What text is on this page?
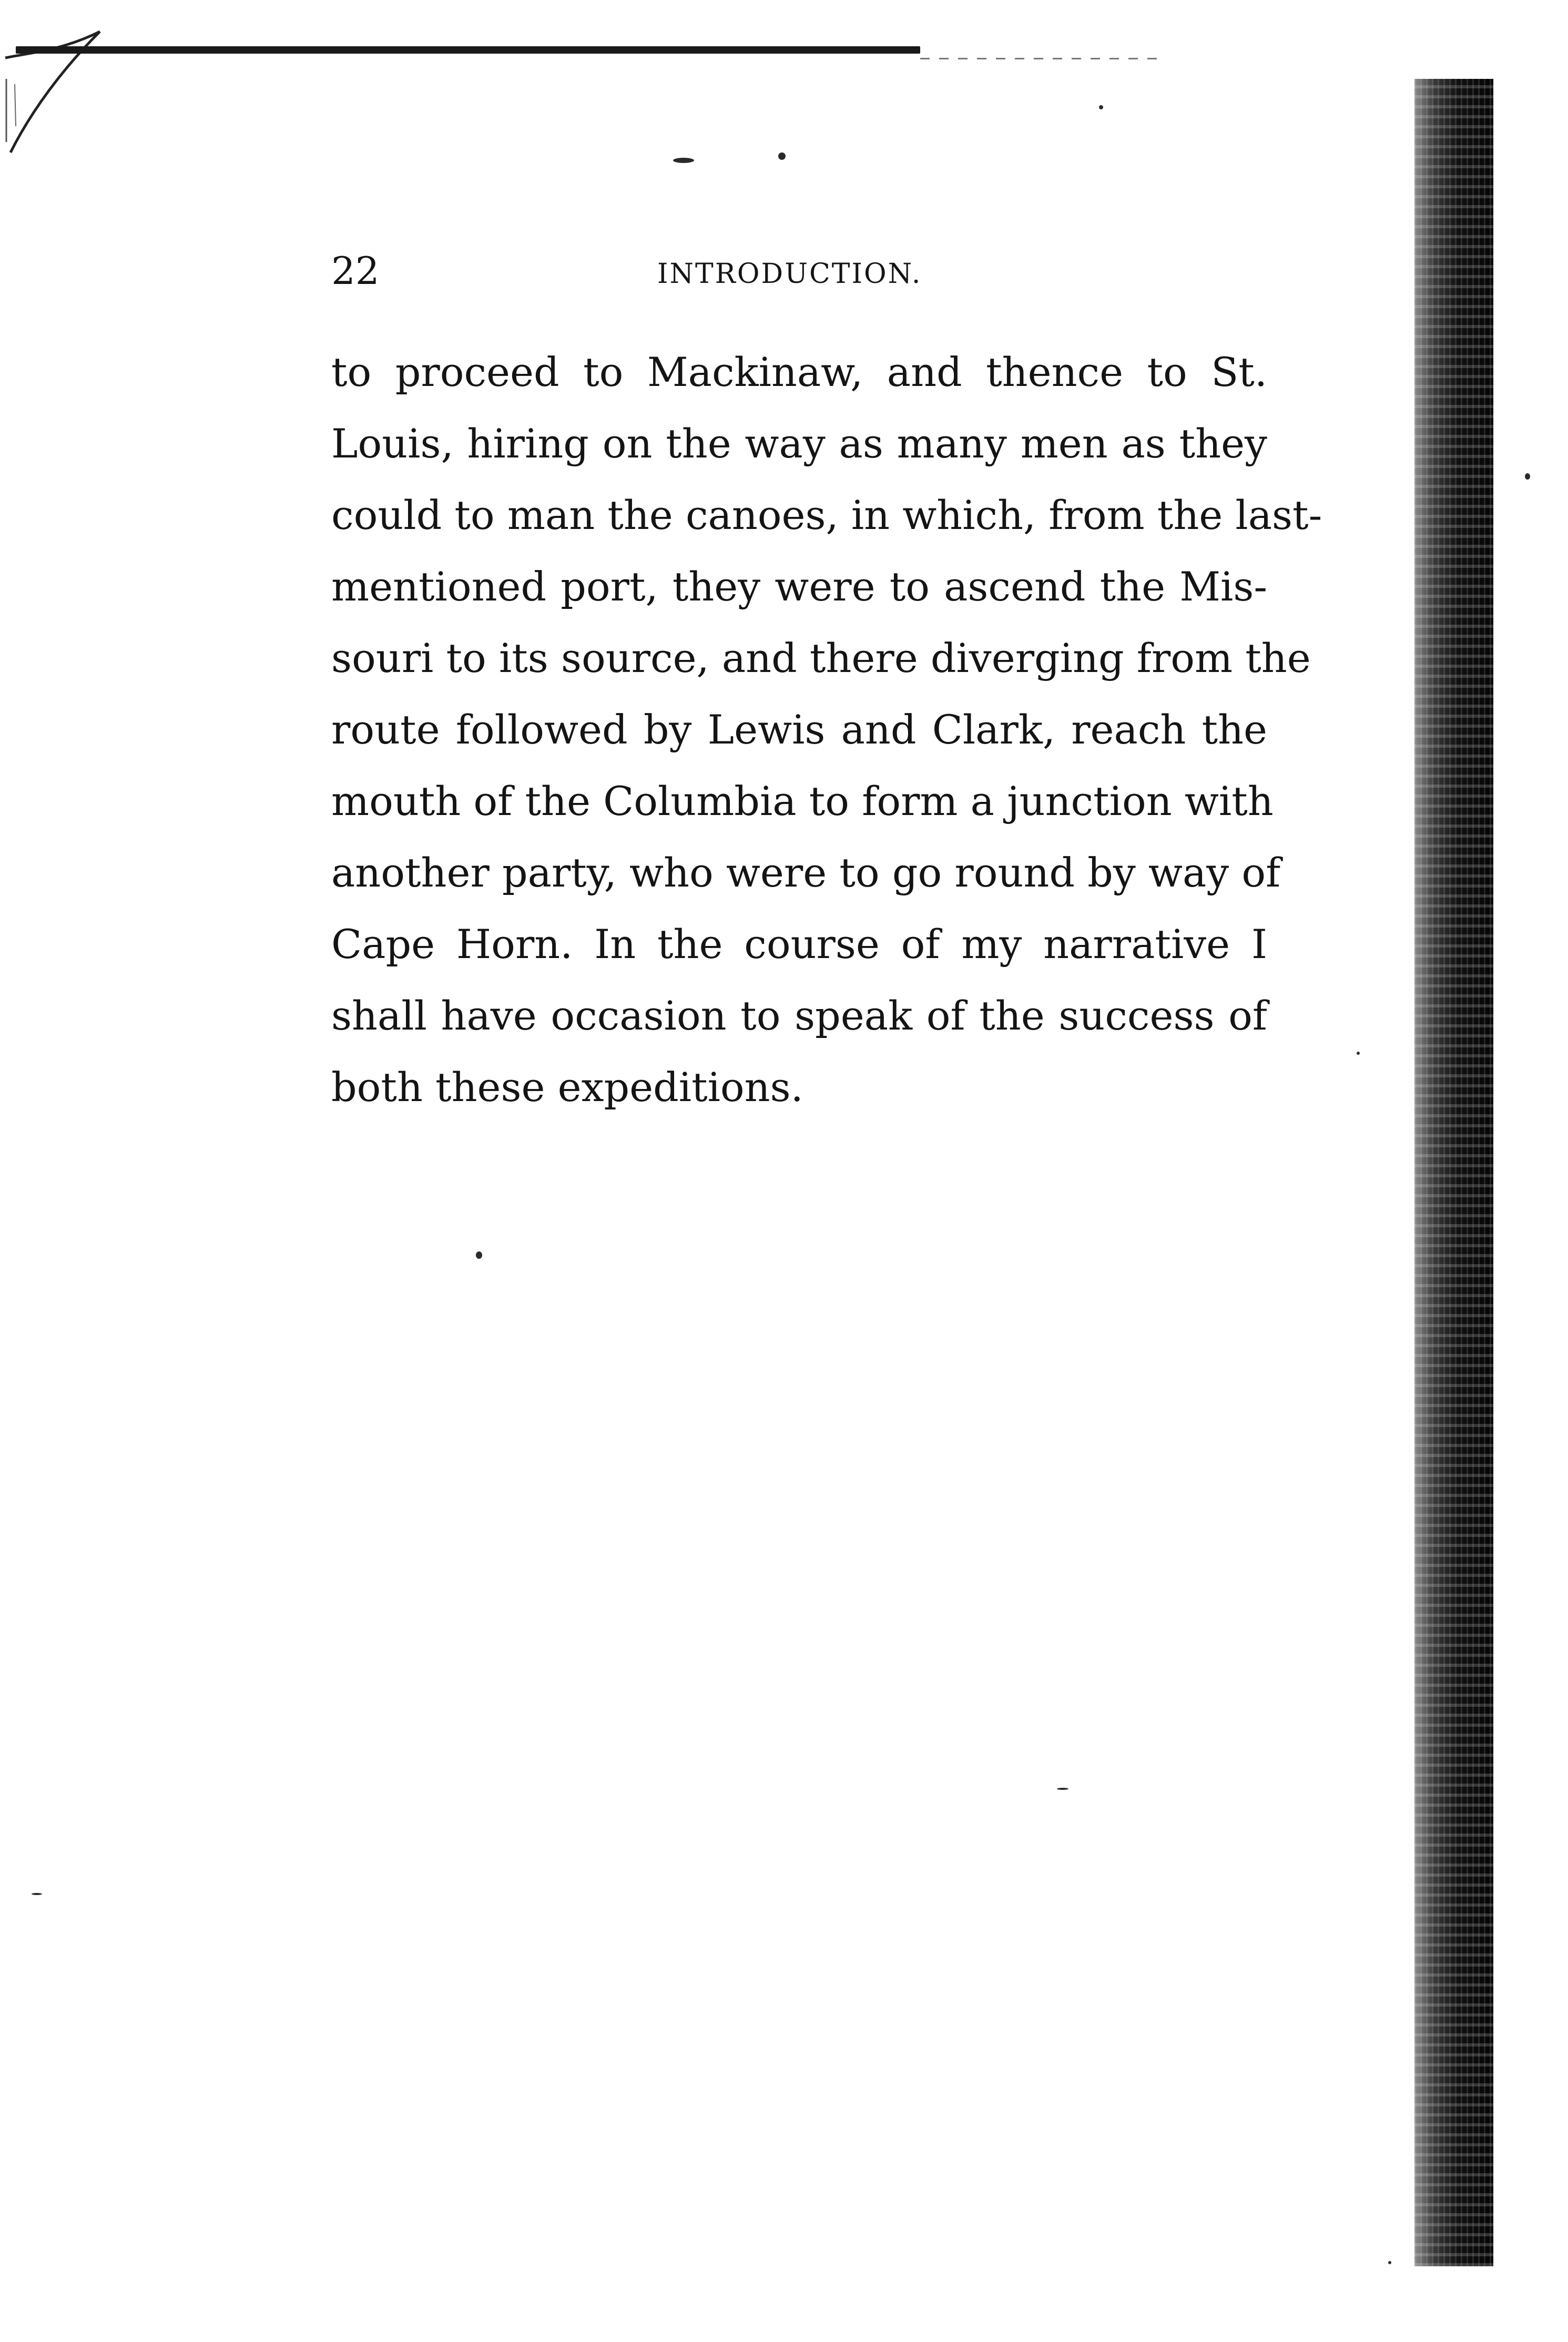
22	INTRODUCTION.
to proceed to Mackinaw, and thence to St.
Louis, hiring on the way as many men as they
could to man the canoes, in which, from the last-
mentioned port, they were to ascend the Mis-
souri to its source, and there diverging from the
route followed by Lewis and Clark, reach the
mouth of the Columbia to form a junction with
another party, who were to go round by way of
Cape Horn. In the course of my narrative I
shall have occasion to speak of the success of
both these expeditions.
